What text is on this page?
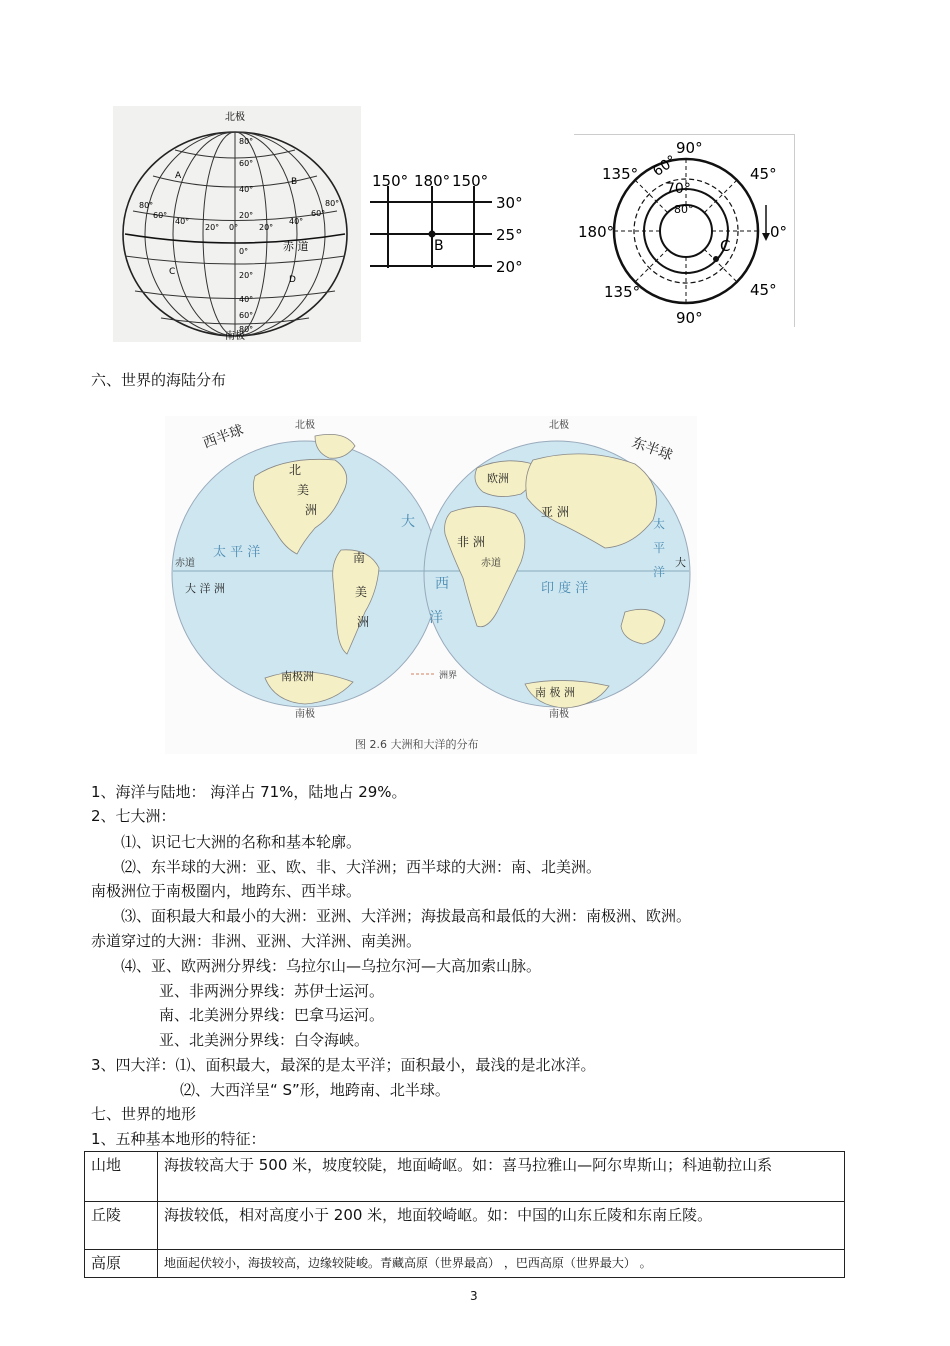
北极
南极
赤 道
A
B
C
D
80°
60°
40°
20°
0°
20°
40°
60°
80°
80°
60°
40°
20° 0°	20°
40°
60°
80°
150° 180° 150°
30°
25°
20°
B
90°
90°
180°	0°
135°	45°
135°	45°
60°
70°
80°
C
六、世界的海陆分布
西半球	东半球
北极	北极
南极	南极
赤道	赤道
北
美
洲
南
美
洲
太 平 洋
大 洋 洲
南极洲
南 极 洲
欧洲
亚 洲
非 洲
大
西
洋
印 度 洋
太
平
洋
大
洲界
图 2.6 大洲和大洋的分布
1、海洋与陆地： 海洋占 71%，陆地占 29%。
2、七大洲：
⑴、识记七大洲的名称和基本轮廓。
⑵、东半球的大洲：亚、欧、非、大洋洲；西半球的大洲：南、北美洲。
南极洲位于南极圈内，地跨东、西半球。
⑶、面积最大和最小的大洲：亚洲、大洋洲；海拔最高和最低的大洲：南极洲、欧洲。
赤道穿过的大洲：非洲、亚洲、大洋洲、南美洲。
⑷、亚、欧两洲分界线：乌拉尔山—乌拉尔河—大高加索山脉。
亚、非两洲分界线：苏伊士运河。
南、北美洲分界线：巴拿马运河。
亚、北美洲分界线：白令海峡。
3、四大洋：⑴、面积最大，最深的是太平洋；面积最小，最浅的是北冰洋。
⑵、大西洋呈“ S”形，地跨南、北半球。
七、世界的地形
1、五种基本地形的特征：
山地	海拔较高大于 500 米，坡度较陡，地面崎岖。如：喜马拉雅山—阿尔卑斯山；科迪勒拉山系
丘陵	海拔较低，相对高度小于 200 米，地面较崎岖。如：中国的山东丘陵和东南丘陵。
高原	地面起伏较小，海拔较高，边缘较陡峻。青藏高原（世界最高） ，巴西高原（世界最大） 。
3
